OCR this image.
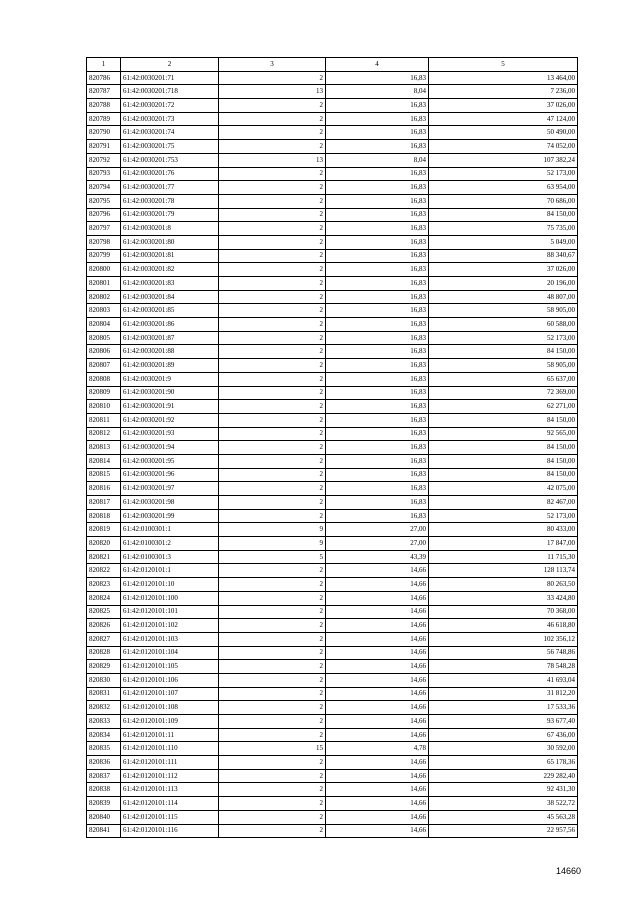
1	2	3	4	5
820786	61:42:0030201:71	2	16,83	13 464,00
820787	61:42:0030201:718	13	8,04	7 236,00
820788	61:42:0030201:72	2	16,83	37 026,00
820789	61:42:0030201:73	2	16,83	47 124,00
820790	61:42:0030201:74	2	16,83	50 490,00
820791	61:42:0030201:75	2	16,83	74 052,00
820792	61:42:0030201:753	13	8,04	107 382,24
820793	61:42:0030201:76	2	16,83	52 173,00
820794	61:42:0030201:77	2	16,83	63 954,00
820795	61:42:0030201:78	2	16,83	70 686,00
820796	61:42:0030201:79	2	16,83	84 150,00
820797	61:42:0030201:8	2	16,83	75 735,00
820798	61:42:0030201:80	2	16,83	5 049,00
820799	61:42:0030201:81	2	16,83	88 340,67
820800	61:42:0030201:82	2	16,83	37 026,00
820801	61:42:0030201:83	2	16,83	20 196,00
820802	61:42:0030201:84	2	16,83	48 807,00
820803	61:42:0030201:85	2	16,83	58 905,00
820804	61:42:0030201:86	2	16,83	60 588,00
820805	61:42:0030201:87	2	16,83	52 173,00
820806	61:42:0030201:88	2	16,83	84 150,00
820807	61:42:0030201:89	2	16,83	58 905,00
820808	61:42:0030201:9	2	16,83	65 637,00
820809	61:42:0030201:90	2	16,83	72 369,00
820810	61:42:0030201:91	2	16,83	62 271,00
820811	61:42:0030201:92	2	16,83	84 150,00
820812	61:42:0030201:93	2	16,83	92 565,00
820813	61:42:0030201:94	2	16,83	84 150,00
820814	61:42:0030201:95	2	16,83	84 150,00
820815	61:42:0030201:96	2	16,83	84 150,00
820816	61:42:0030201:97	2	16,83	42 075,00
820817	61:42:0030201:98	2	16,83	82 467,00
820818	61:42:0030201:99	2	16,83	52 173,00
820819	61:42:0100301:1	9	27,00	80 433,00
820820	61:42:0100301:2	9	27,00	17 847,00
820821	61:42:0100301:3	5	43,39	11 715,30
820822	61:42:0120101:1	2	14,66	128 113,74
820823	61:42:0120101:10	2	14,66	80 263,50
820824	61:42:0120101:100	2	14,66	33 424,80
820825	61:42:0120101:101	2	14,66	70 368,00
820826	61:42:0120101:102	2	14,66	46 618,80
820827	61:42:0120101:103	2	14,66	102 356,12
820828	61:42:0120101:104	2	14,66	56 748,86
820829	61:42:0120101:105	2	14,66	78 548,28
820830	61:42:0120101:106	2	14,66	41 693,04
820831	61:42:0120101:107	2	14,66	31 812,20
820832	61:42:0120101:108	2	14,66	17 533,36
820833	61:42:0120101:109	2	14,66	93 677,40
820834	61:42:0120101:11	2	14,66	67 436,00
820835	61:42:0120101:110	15	4,78	30 592,00
820836	61:42:0120101:111	2	14,66	65 178,36
820837	61:42:0120101:112	2	14,66	229 282,40
820838	61:42:0120101:113	2	14,66	92 431,30
820839	61:42:0120101:114	2	14,66	38 522,72
820840	61:42:0120101:115	2	14,66	45 563,28
820841	61:42:0120101:116	2	14,66	22 957,56
14660
